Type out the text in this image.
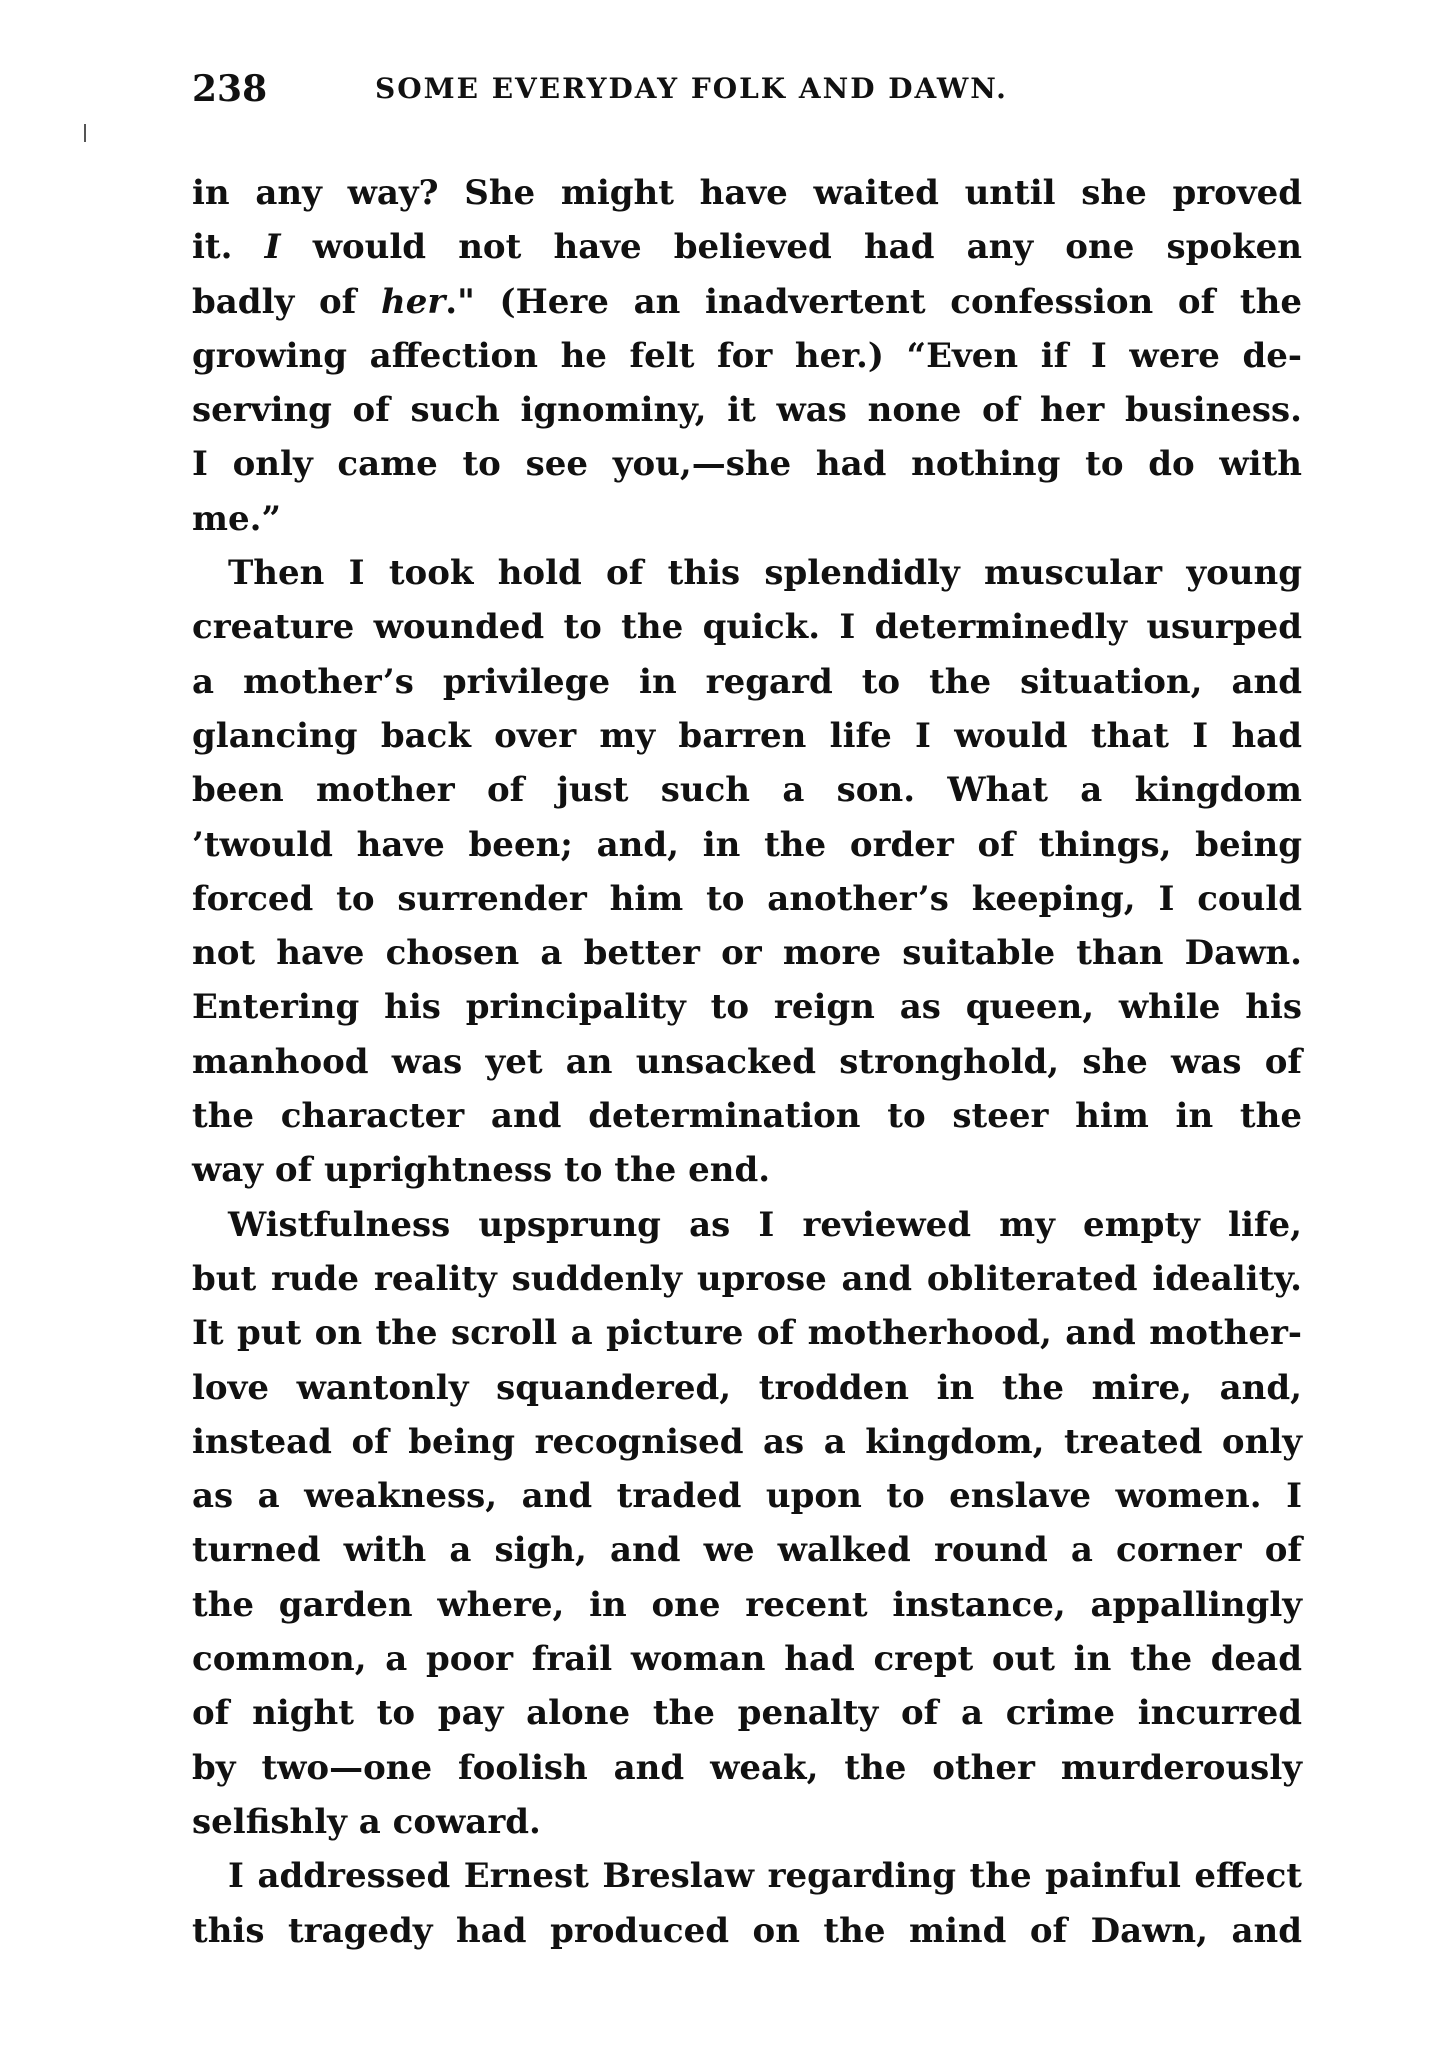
238	SOME EVERYDAY FOLK AND DAWN.
in any way? She might have waited until she proved
it. I would not have believed had any one spoken
badly of her." (Here an inadvertent confession of the
growing affection he felt for her.) “Even if I were de-
serving of such ignominy, it was none of her business.
I only came to see you,—she had nothing to do with
me.”
Then I took hold of this splendidly muscular young
creature wounded to the quick. I determinedly usurped
a mother’s privilege in regard to the situation, and
glancing back over my barren life I would that I had
been mother of just such a son. What a kingdom
’twould have been; and, in the order of things, being
forced to surrender him to another’s keeping, I could
not have chosen a better or more suitable than Dawn.
Entering his principality to reign as queen, while his
manhood was yet an unsacked stronghold, she was of
the character and determination to steer him in the
way of uprightness to the end.
Wistfulness upsprung as I reviewed my empty life,
but rude reality suddenly uprose and obliterated ideality.
It put on the scroll a picture of motherhood, and mother-
love wantonly squandered, trodden in the mire, and,
instead of being recognised as a kingdom, treated only
as a weakness, and traded upon to enslave women. I
turned with a sigh, and we walked round a corner of
the garden where, in one recent instance, appallingly
common, a poor frail woman had crept out in the dead
of night to pay alone the penalty of a crime incurred
by two—one foolish and weak, the other murderously
selfishly a coward.
I addressed Ernest Breslaw regarding the painful effect
this tragedy had produced on the mind of Dawn, and
